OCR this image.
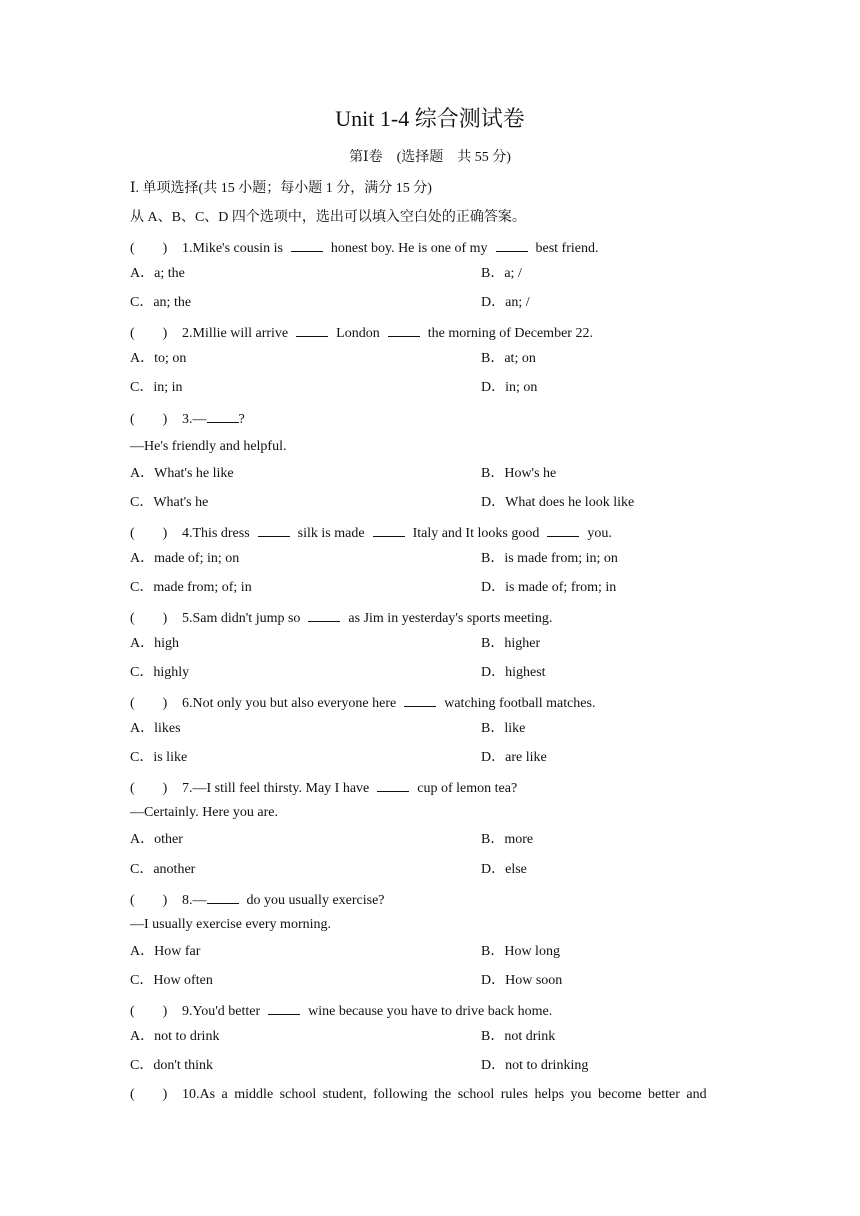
Unit 1-4 综合测试卷
第Ⅰ卷　(选择题　共 55 分)
Ⅰ. 单项选择(共 15 小题；每小题 1 分，满分 15 分)
从 A、B、C、D 四个选项中，选出可以填入空白处的正确答案。
(　　) 1.Mike's cousin is	honest boy. He is one of my	best friend.
A．a; the	B．a; /
C．an; the	D．an; /
(　　) 2.Millie will arrive	London	the morning of December 22.
A．to; on	B．at; on
C．in; in	D．in; on
(　　) 3.— ?
—He's friendly and helpful.
A．What's he like	B．How's he
C．What's he	D．What does he look like
(　　) 4.This dress	silk is made	Italy and It looks good	you.
A．made of; in; on	B．is made from; in; on
C．made from; of; in	D．is made of; from; in
(　　) 5.Sam didn't jump so	as Jim in yesterday's sports meeting.
A．high	B．higher
C．highly	D．highest
(　　) 6.Not only you but also everyone here	watching football matches.
A．likes	B．like
C．is like	D．are like
(　　) 7.—I still feel thirsty. May I have	cup of lemon tea?
—Certainly. Here you are.
A．other	B．more
C．another	D．else
(　　) 8.—	do you usually exercise?
—I usually exercise every morning.
A．How far	B．How long
C．How often	D．How soon
(　　) 9.You'd better	wine because you have to drive back home.
A．not to drink	B．not drink
C．don't think	D．not to drinking
(　　) 10.As a middle school student, following the school rules helps you become better and
